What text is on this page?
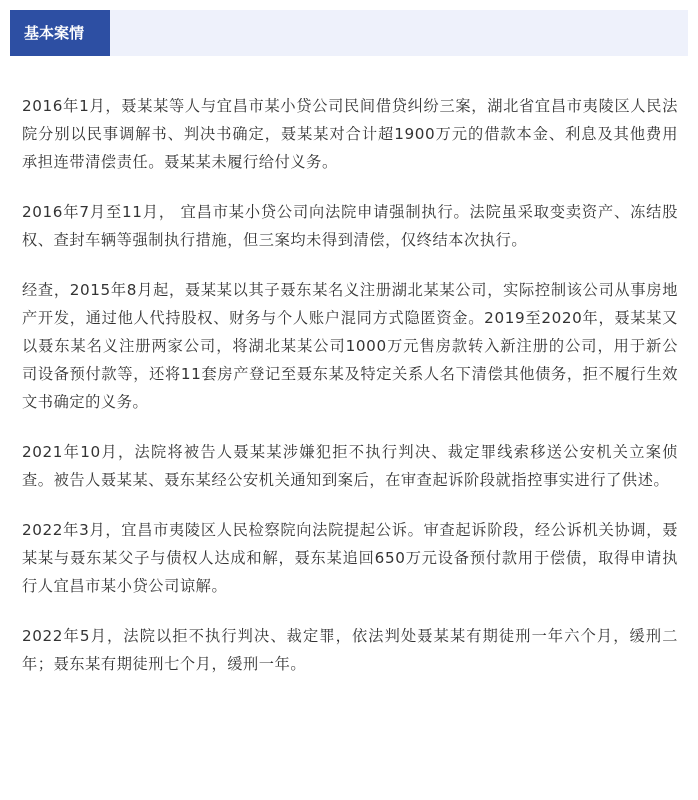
基本案情

2016年1月，聂某某等人与宜昌市某小贷公司民间借贷纠纷三案，湖北省宜昌市夷陵区人民法院分别以民事调解书、判决书确定，聂某某对合计超1900万元的借款本金、利息及其他费用承担连带清偿责任。聂某某未履行给付义务。

2016年7月至11月， 宜昌市某小贷公司向法院申请强制执行。法院虽采取变卖资产、冻结股权、查封车辆等强制执行措施，但三案均未得到清偿，仅终结本次执行。

经查，2015年8月起，聂某某以其子聂东某名义注册湖北某某公司，实际控制该公司从事房地产开发，通过他人代持股权、财务与个人账户混同方式隐匿资金。2019至2020年，聂某某又以聂东某名义注册两家公司，将湖北某某公司1000万元售房款转入新注册的公司，用于新公司设备预付款等，还将11套房产登记至聂东某及特定关系人名下清偿其他债务，拒不履行生效文书确定的义务。

2021年10月，法院将被告人聂某某涉嫌犯拒不执行判决、裁定罪线索移送公安机关立案侦查。被告人聂某某、聂东某经公安机关通知到案后，在审查起诉阶段就指控事实进行了供述。

2022年3月，宜昌市夷陵区人民检察院向法院提起公诉。审查起诉阶段，经公诉机关协调，聂某某与聂东某父子与债权人达成和解，聂东某追回650万元设备预付款用于偿债，取得申请执行人宜昌市某小贷公司谅解。

2022年5月，法院以拒不执行判决、裁定罪，依法判处聂某某有期徒刑一年六个月，缓刑二年；聂东某有期徒刑七个月，缓刑一年。
